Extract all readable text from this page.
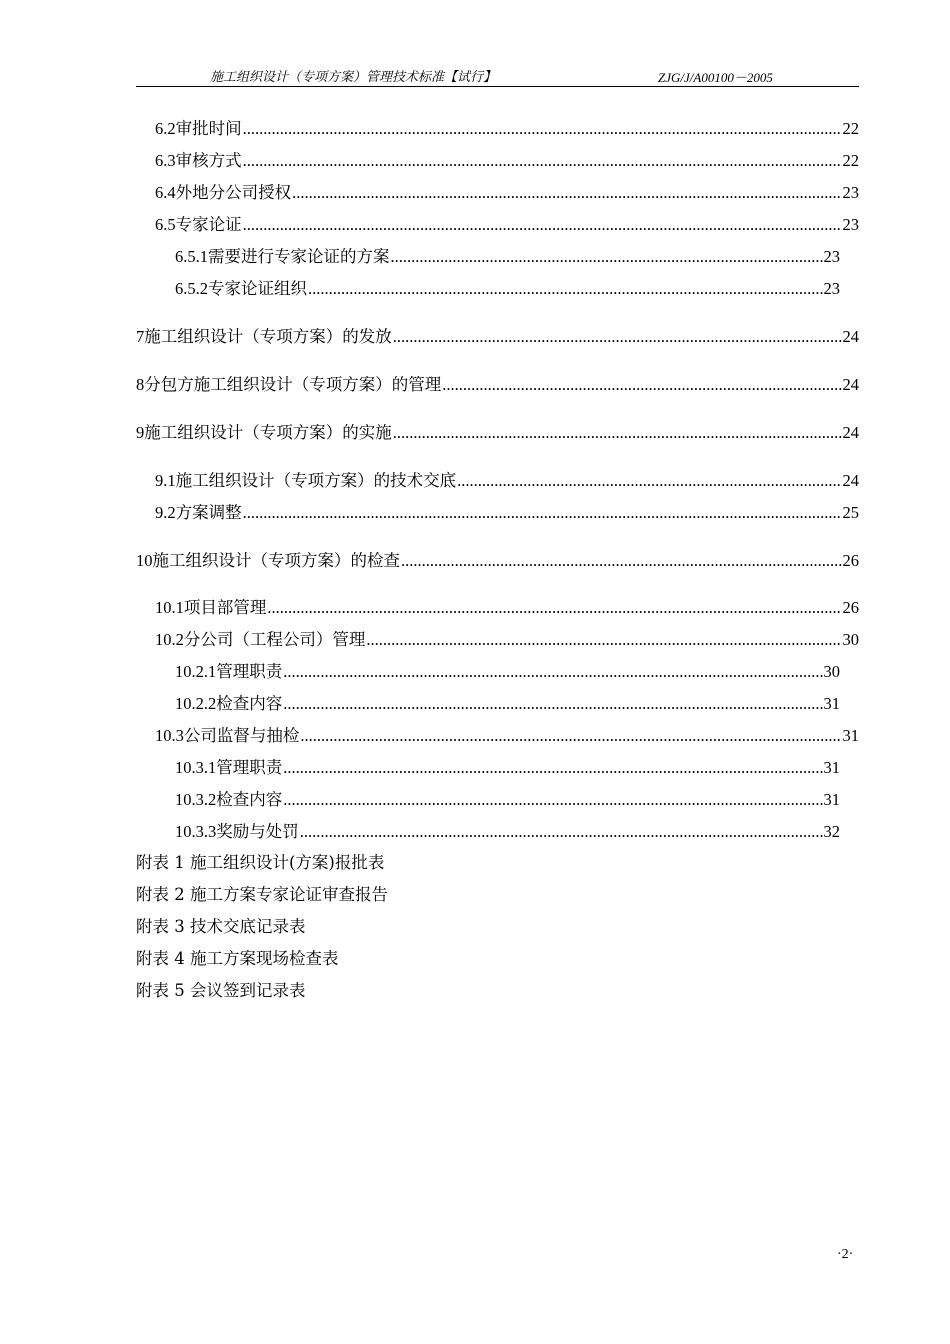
施工组织设计（专项方案）管理技术标准【试行】	ZJG/J/A00100－2005
6.2 审批时间 .....	22
6.3 审核方式 .....	22
6.4 外地分公司授权 .....	23
6.5 专家论证 .....	23
6.5.1 需要进行专家论证的方案 .....	23
6.5.2 专家论证组织 .....	23
7 施工组织设计（专项方案）的发放 .....	24
8 分包方施工组织设计（专项方案）的管理 .....	24
9 施工组织设计（专项方案）的实施 .....	24
9.1 施工组织设计（专项方案）的技术交底 .....	24
9.2 方案调整 .....	25
10 施工组织设计（专项方案）的检查 .....	26
10.1 项目部管理 .....	26
10.2 分公司（工程公司）管理 .....	30
10.2.1 管理职责 .....	30
10.2.2 检查内容 .....	31
10.3 公司监督与抽检 .....	31
10.3.1 管理职责 .....	31
10.3.2 检查内容 .....	31
10.3.3 奖励与处罚 .....	32
附表 1 施工组织设计(方案)报批表
附表 2 施工方案专家论证审查报告
附表 3 技术交底记录表
附表 4 施工方案现场检查表
附表 5 会议签到记录表
·2·
